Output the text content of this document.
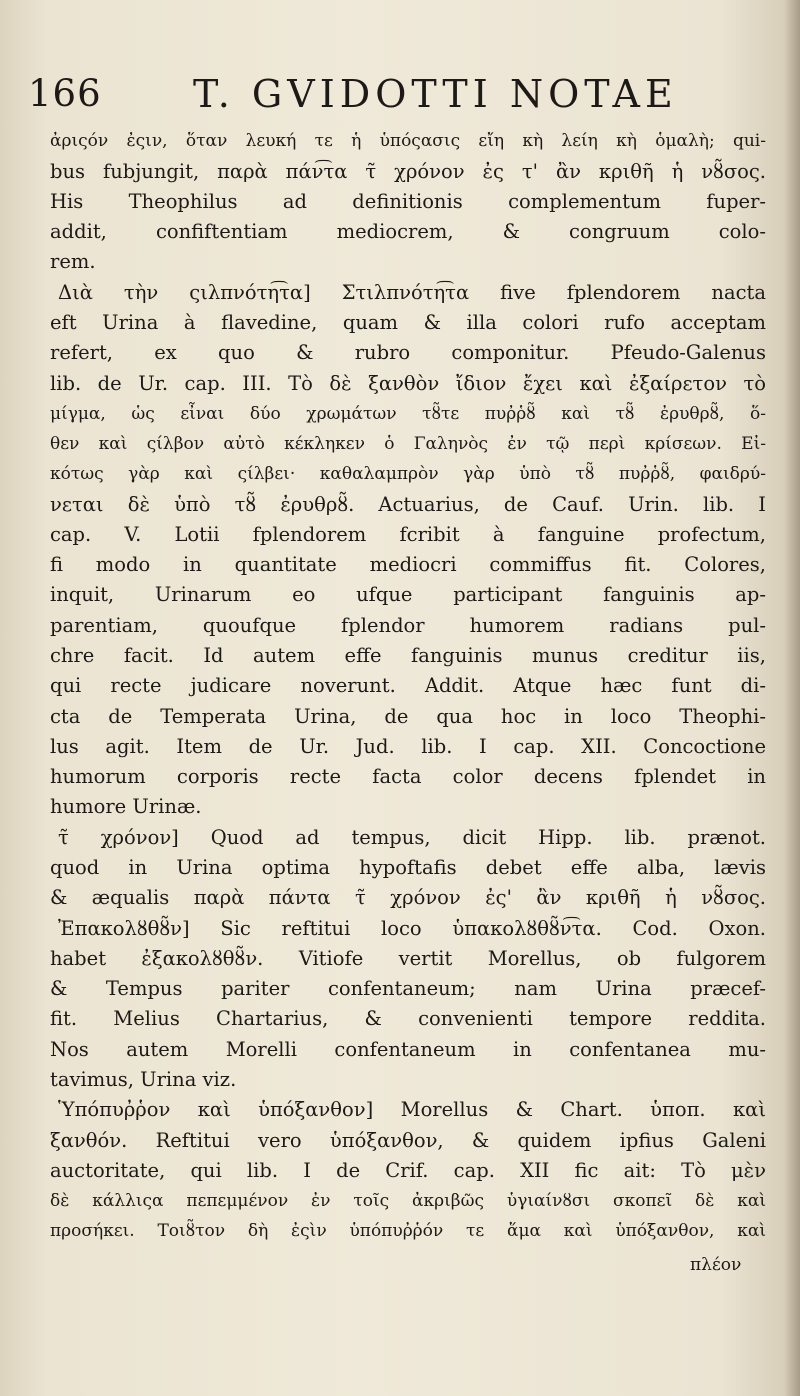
166 T. GVIDOTTI NOTAE
ἀριςόν ἐςιν, ὅταν λευκή τε ἡ ὑπόςασις εἴη κὴ λείη κὴ ὁμαλὴ; qui-
bus fubjungit, παρὰ πάν͡τα τ̃ χρόνον ἐς τ' ἂν κριθῆ ἡ νȣ̃σος.
His Theophilus ad definitionis complementum fuper-
addit, confiftentiam mediocrem, & congruum colo-
rem.
Διὰ τὴν ςιλπνότη͡τα] Στιλπνότη͡τα five fplendorem nacta
eft Urina à flavedine, quam & illa colori rufo acceptam
refert, ex quo & rubro componitur. Pfeudo-Galenus
lib. de Ur. cap. III. Τὸ δὲ ξανθὸν ἴδιον ἔχει καὶ ἐξαίρετον τὸ
μίγμα, ὡς εἶναι δύο χρωμάτων τȣ̃τε πυῤῥȣ̃ καὶ τȣ̃ ἐρυθρȣ̃, ὅ-
θεν καὶ ςίλβον αὐτὸ κέκληκεν ὁ Γαληνὸς ἐν τῷ περὶ κρίσεων. Εἰ-
κότως γὰρ καὶ ςίλβει· καθαλαμπρὸν γὰρ ὑπὸ τȣ̃ πυῤῥȣ̃, φαιδρύ-
νεται δὲ ὑπὸ τȣ̃ ἐρυθρȣ̃. Actuarius, de Cauf. Urin. lib. I
cap. V. Lotii fplendorem fcribit à fanguine profectum,
fi modo in quantitate mediocri commiffus fit. Colores,
inquit, Urinarum eo ufque participant fanguinis ap-
parentiam, quoufque fplendor humorem radians pul-
chre facit. Id autem effe fanguinis munus creditur iis,
qui recte judicare noverunt. Addit. Atque hæc funt di-
cta de Temperata Urina, de qua hoc in loco Theophi-
lus agit. Item de Ur. Jud. lib. I cap. XII. Concoctione
humorum corporis recte facta color decens fplendet in
humore Urinæ.
τ̃ χρόνον] Quod ad tempus, dicit Hipp. lib. prænot.
quod in Urina optima hypoftafis debet effe alba, lævis
& æqualis παρὰ πάντα τ̃ χρόνον ἐς' ἂν κριθῆ ἡ νȣ̃σος.
Ἐπακολȣθȣ̃ν] Sic reftitui loco ὑπακολȣθȣ̃ν͡τα. Cod. Oxon.
habet ἐξακολȣθȣ̃ν. Vitiofe vertit Morellus, ob fulgorem
& Tempus pariter confentaneum; nam Urina præcef-
fit. Melius Chartarius, & convenienti tempore reddita.
Nos autem Morelli confentaneum in confentanea mu-
tavimus, Urina viz.
Ὑπόπυῤῥον καὶ ὑπόξανθον] Morellus & Chart. ὑποπ. καὶ
ξανθόν. Reftitui vero ὑπόξανθον, & quidem ipfius Galeni
auctoritate, qui lib. I de Crif. cap. XII fic ait: Τὸ μὲν
δὲ κάλλιςα πεπεμμένον ἐν τοῖς ἀκριβῶς ὑγιαίνȣσι σκοπεῖ δὲ καὶ
προσήκει. Τοιȣ̃τον δὴ ἐςὶν ὑπόπυῤῥόν τε ἅμα καὶ ὑπόξανθον, καὶ
πλέον
